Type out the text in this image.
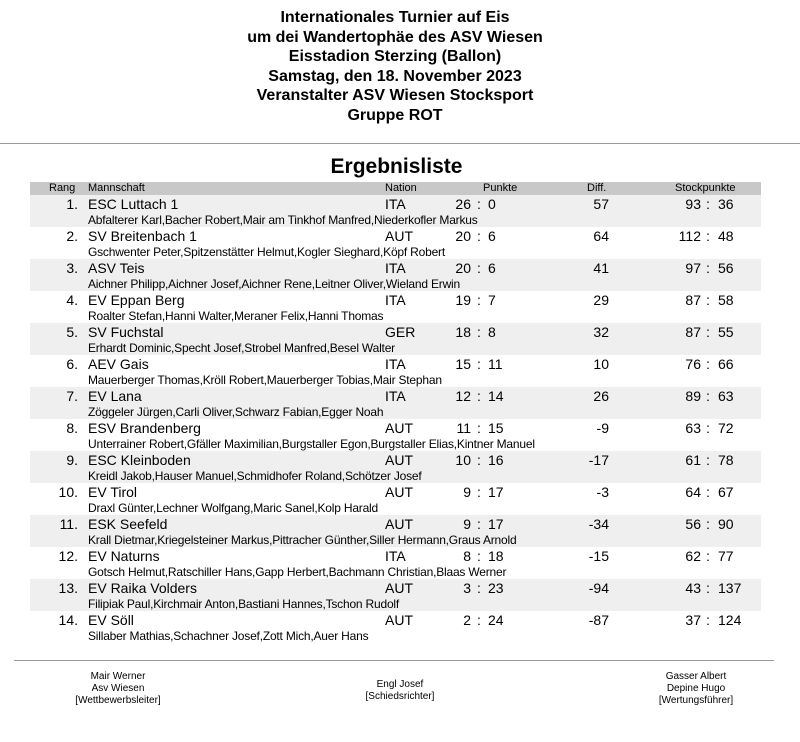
Internationales Turnier auf Eis
um dei Wandertophäe des ASV Wiesen
Eisstadion Sterzing (Ballon)
Samstag, den 18. November 2023
Veranstalter ASV Wiesen Stocksport
Gruppe ROT
Ergebnisliste
Rang Mannschaft	Nation	Punkte	Diff.	Stockpunkte
1. ESC Luttach 1	ITA	26 : 0	57	93 : 36
Abfalterer Karl,Bacher Robert,Mair am Tinkhof Manfred,Niederkofler Markus
2. SV Breitenbach 1	AUT	20 : 6	64	112 : 48
Gschwenter Peter,Spitzenstätter Helmut,Kogler Sieghard,Köpf Robert
3. ASV Teis	ITA	20 : 6	41	97 : 56
Aichner Philipp,Aichner Josef,Aichner Rene,Leitner Oliver,Wieland Erwin
4. EV Eppan Berg	ITA	19 : 7	29	87 : 58
Roalter Stefan,Hanni Walter,Meraner Felix,Hanni Thomas
5. SV Fuchstal	GER	18 : 8	32	87 : 55
Erhardt Dominic,Specht Josef,Strobel Manfred,Besel Walter
6. AEV Gais	ITA	15 : 11	10	76 : 66
Mauerberger Thomas,Kröll Robert,Mauerberger Tobias,Mair Stephan
7. EV Lana	ITA	12 : 14	26	89 : 63
Zöggeler Jürgen,Carli Oliver,Schwarz Fabian,Egger Noah
8. ESV Brandenberg	AUT	11 : 15	-9	63 : 72
Unterrainer Robert,Gfäller Maximilian,Burgstaller Egon,Burgstaller Elias,Kintner Manuel
9. ESC Kleinboden	AUT	10 : 16	-17	61 : 78
Kreidl Jakob,Hauser Manuel,Schmidhofer Roland,Schötzer Josef
10. EV Tirol	AUT	9 : 17	-3	64 : 67
Draxl Günter,Lechner Wolfgang,Maric Sanel,Kolp Harald
11. ESK Seefeld	AUT	9 : 17	-34	56 : 90
Krall Dietmar,Kriegelsteiner Markus,Pittracher Günther,Siller Hermann,Graus Arnold
12. EV Naturns	ITA	8 : 18	-15	62 : 77
Gotsch Helmut,Ratschiller Hans,Gapp Herbert,Bachmann Christian,Blaas Werner
13. EV Raika Volders	AUT	3 : 23	-94	43 : 137
Filipiak Paul,Kirchmair Anton,Bastiani Hannes,Tschon Rudolf
14. EV Söll	AUT	2 : 24	-87	37 : 124
Sillaber Mathias,Schachner Josef,Zott Mich,Auer Hans
Mair Werner
Asv Wiesen
[Wettbewerbsleiter]
Engl Josef
[Schiedsrichter]
Gasser Albert
Depine Hugo
[Wertungsführer]
